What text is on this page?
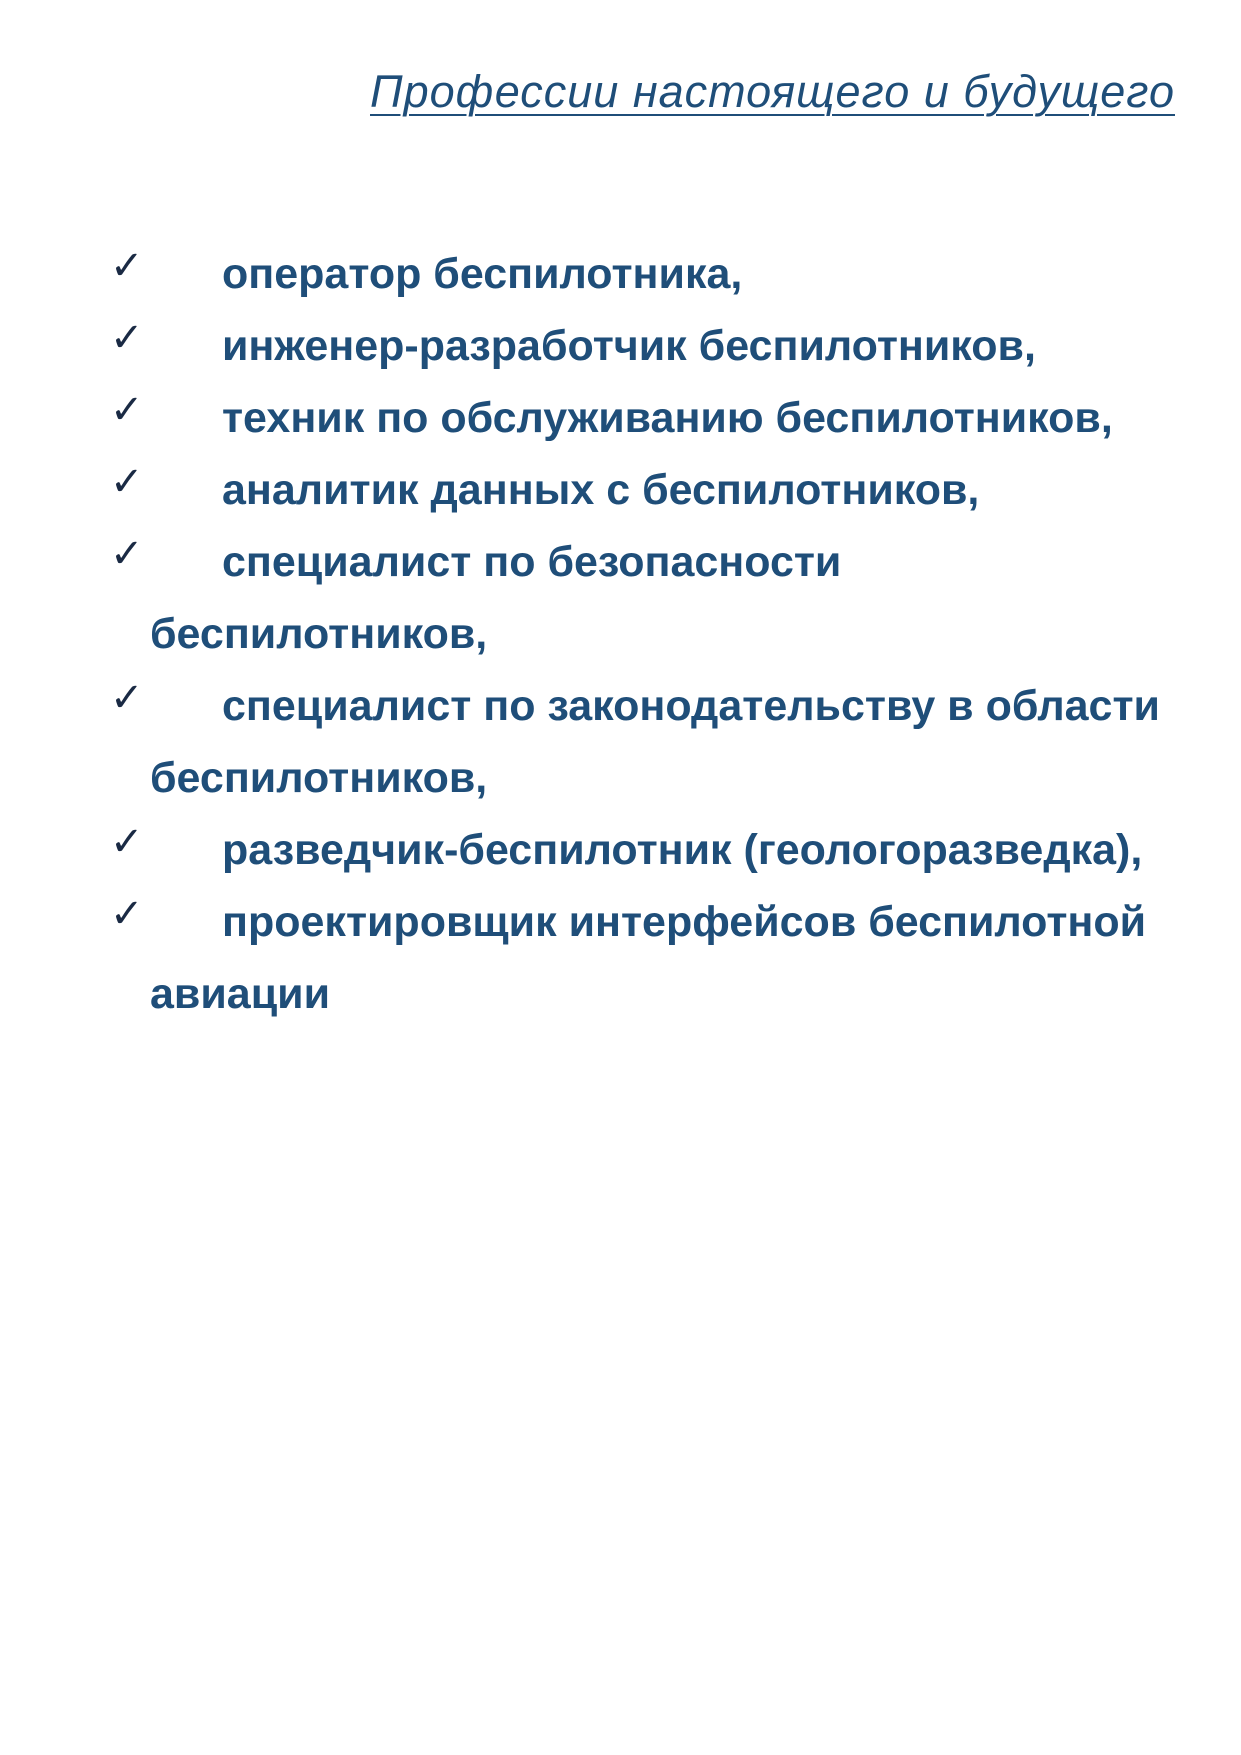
Профессии настоящего и будущего
✓ оператор беспилотника,
✓ инженер-разработчик беспилотников,
✓ техник по обслуживанию беспилотников,
✓ аналитик данных с беспилотников,
✓ специалист по безопасности беспилотников,
✓ специалист по законодательству в области беспилотников,
✓ разведчик-беспилотник (геологоразведка),
✓ проектировщик интерфейсов беспилотной авиации
